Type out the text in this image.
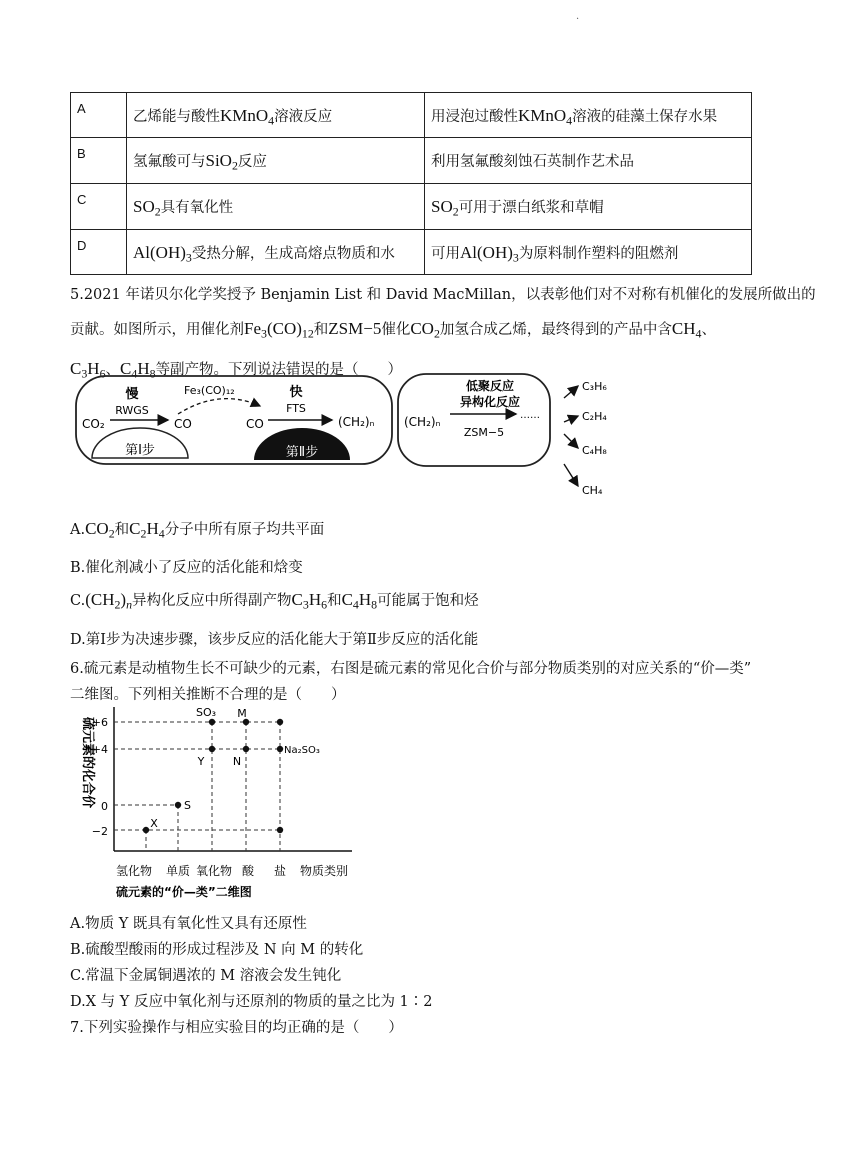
·
A	乙烯能与酸性KMnO$_4$溶液反应	用浸泡过酸性KMnO$_4$溶液的硅藻土保存水果
B	氢氟酸可与SiO$_2$反应	利用氢氟酸刻蚀石英制作艺术品
C	$SO_2$具有氧化性	$SO_2$可用于漂白纸浆和草帽
D	$Al(OH)_3$受热分解，生成高熔点物质和水	可用$Al(OH)_3$为原料制作塑料的阻燃剂
5.2021 年诺贝尔化学奖授予 Benjamin List 和 David MacMillan，以表彰他们对不对称有机催化的发展所做出的
贡献。如图所示，用催化剂$Fe_3(CO)_{12}$和ZSM−5催化$CO_2$加氢合成乙烯，最终得到的产品中含$CH_4$、
$C_3H_6$、$C_4H_8$等副产物。下列说法错误的是（　　）
CO₂
慢
RWGS
CO
第Ⅰ步
Fe₃(CO)₁₂
CO
快
FTS
(CH₂)ₙ
第Ⅱ步
(CH₂)ₙ
低聚反应
异构化反应
……
ZSM−5
C₃H₆
C₂H₄
C₄H₈
CH₄
$A.CO_2$和$C_2H_4$分子中所有原子均共平面
B.催化剂减小了反应的活化能和焓变
$C.(CH_2)_n$异构化反应中所得副产物$C_3H_6$和$C_4H_8$可能属于饱和烃
D.第Ⅰ步为决速步骤，该步反应的活化能大于第Ⅱ步反应的活化能
6.硫元素是动植物生长不可缺少的元素，右图是硫元素的常见化合价与部分物质类别的对应关系的“价—类”
二维图。下列相关推断不合理的是（　　）
硫元素的化合价
+6
+4
0
−2
SO₃ M
Y	N
Na₂SO₃
S
X
氢化物 单质 氧化物 酸 盐 物质类别
硫元素的“价—类”二维图
A.物质 Y 既具有氧化性又具有还原性
B.硫酸型酸雨的形成过程涉及 N 向 M 的转化
C.常温下金属铜遇浓的 M 溶液会发生钝化
D.X 与 Y 反应中氧化剂与还原剂的物质的量之比为 1∶2
7.下列实验操作与相应实验目的均正确的是（　　）
